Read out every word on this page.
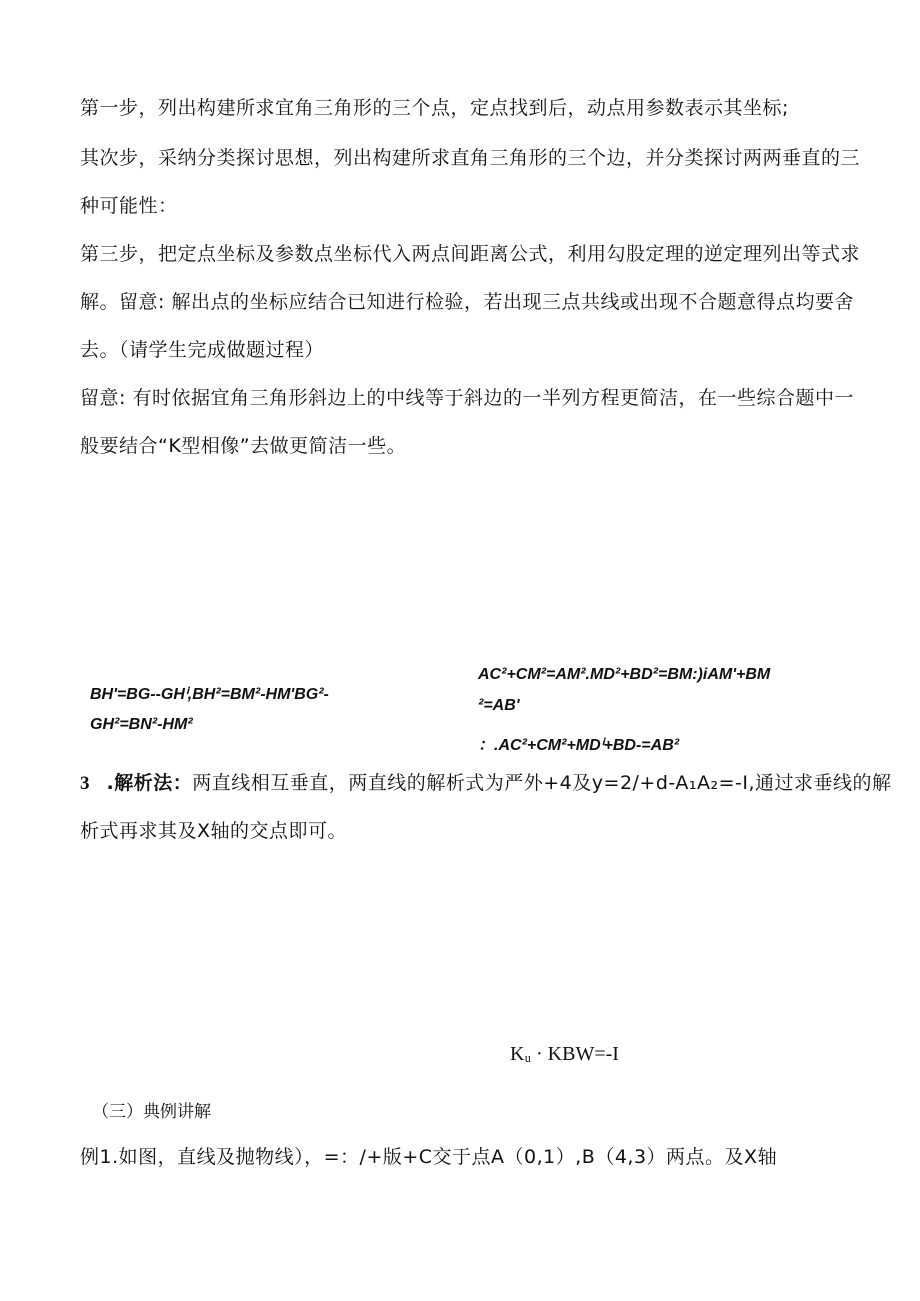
第一步，列出构建所求宜角三角形的三个点，定点找到后，动点用参数表示其坐标;
其次步，采纳分类探讨思想，列出构建所求直角三角形的三个边，并分类探讨两两垂直的三
种可能性：
第三步，把定点坐标及参数点坐标代入两点间距离公式，利用勾股定理的逆定理列出等式求
解。留意: 解出点的坐标应结合已知进行检验，若出现三点共线或出现不合题意得点均要舍
去。（请学生完成做题过程）
留意: 有时依据宜角三角形斜边上的中线等于斜边的一半列方程更简洁，在一些综合题中一
般要结合“K型相像”去做更简洁一些。
BH'=BG--GHⁱ,BH²=BM²-HM'BG²-
GH²=BN²-HM²
AC²+CM²=AM².MD²+BD²=BM:)iAM'+BM
²=AB'
：.AC²+CM²+MDⁱ+BD-=AB²
3 .解析法：两直线相互垂直，两直线的解析式为严外+4及y=2∕+d-A₁A₂=-I,通过求垂线的解
析式再求其及X轴的交点即可。
Kᵤ · KBW=-I
（三）典例讲解
例1.如图，直线及抛物线），=：/+版+C交于点A（0,1）,B（4,3）两点。及X轴
